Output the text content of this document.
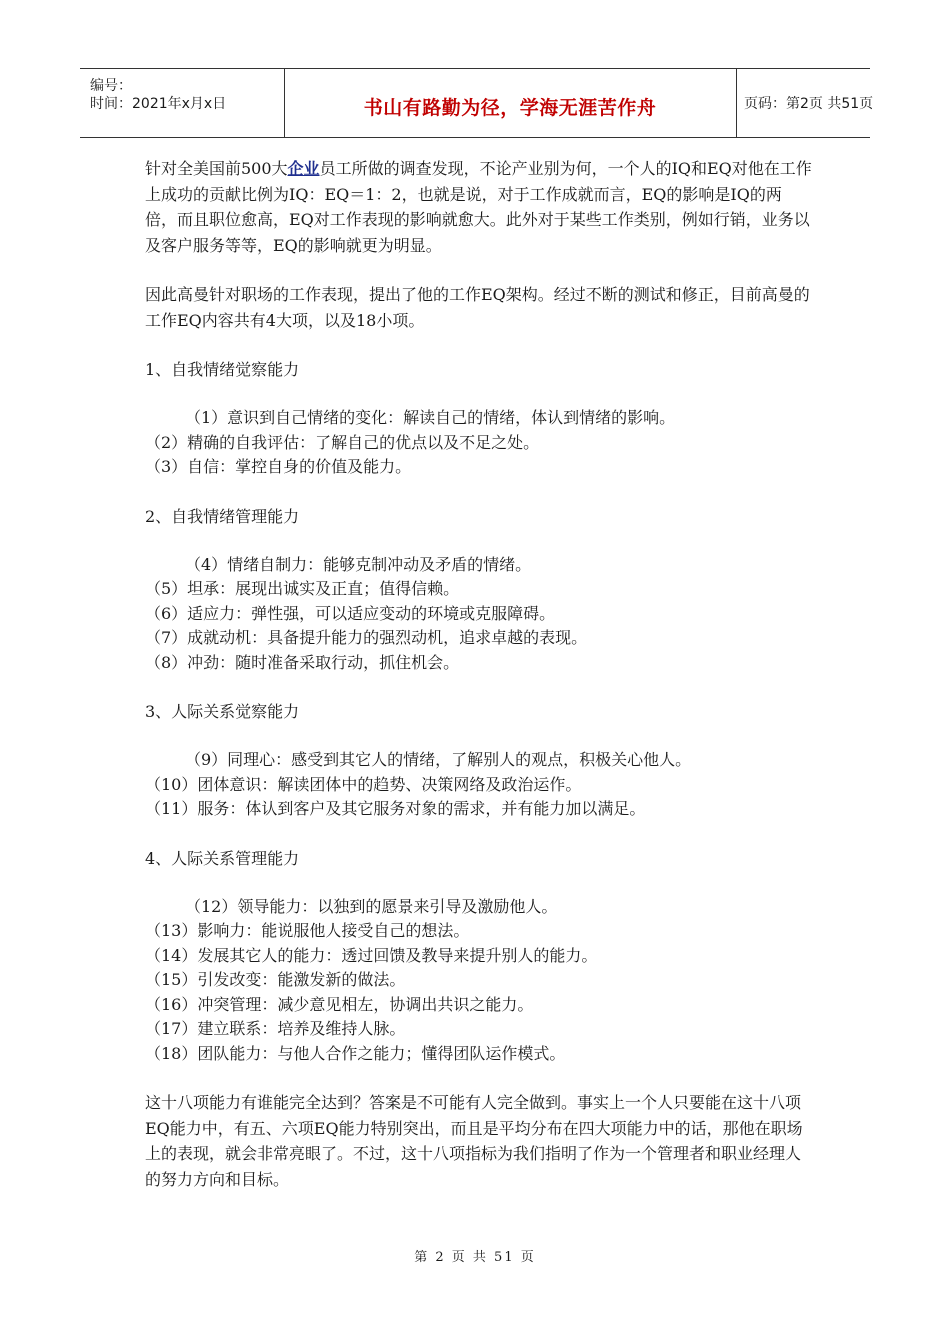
编号：
时间：2021年x月x日	书山有路勤为径，学海无涯苦作舟	页码：第2页 共51页

针对全美国前500大企业员工所做的调查发现，不论产业别为何，一个人的IQ和EQ对他在工作上成功的贡献比例为IQ：EQ＝1：2，也就是说，对于工作成就而言，EQ的影响是IQ的两倍，而且职位愈高，EQ对工作表现的影响就愈大。此外对于某些工作类别，例如行销，业务以及客户服务等等，EQ的影响就更为明显。

因此高曼针对职场的工作表现，提出了他的工作EQ架构。经过不断的测试和修正，目前高曼的工作EQ内容共有4大项，以及18小项。

1、自我情绪觉察能力

（1）意识到自己情绪的变化：解读自己的情绪，体认到情绪的影响。

（2）精确的自我评估：了解自己的优点以及不足之处。

（3）自信：掌控自身的价值及能力。

2、自我情绪管理能力

（4）情绪自制力：能够克制冲动及矛盾的情绪。

（5）坦承：展现出诚实及正直；值得信赖。

（6）适应力：弹性强，可以适应变动的环境或克服障碍。

（7）成就动机：具备提升能力的强烈动机，追求卓越的表现。

（8）冲劲：随时准备采取行动，抓住机会。

3、人际关系觉察能力

（9）同理心：感受到其它人的情绪，了解别人的观点，积极关心他人。

（10）团体意识：解读团体中的趋势、决策网络及政治运作。

（11）服务：体认到客户及其它服务对象的需求，并有能力加以满足。

4、人际关系管理能力

（12）领导能力：以独到的愿景来引导及激励他人。

（13）影响力：能说服他人接受自己的想法。

（14）发展其它人的能力：透过回馈及教导来提升别人的能力。

（15）引发改变：能激发新的做法。

（16）冲突管理：减少意见相左，协调出共识之能力。

（17）建立联系：培养及维持人脉。

（18）团队能力：与他人合作之能力；懂得团队运作模式。

这十八项能力有谁能完全达到？答案是不可能有人完全做到。事实上一个人只要能在这十八项EQ能力中，有五、六项EQ能力特别突出，而且是平均分布在四大项能力中的话，那他在职场上的表现，就会非常亮眼了。不过，这十八项指标为我们指明了作为一个管理者和职业经理人的努力方向和目标。

第 2 页 共 51 页
